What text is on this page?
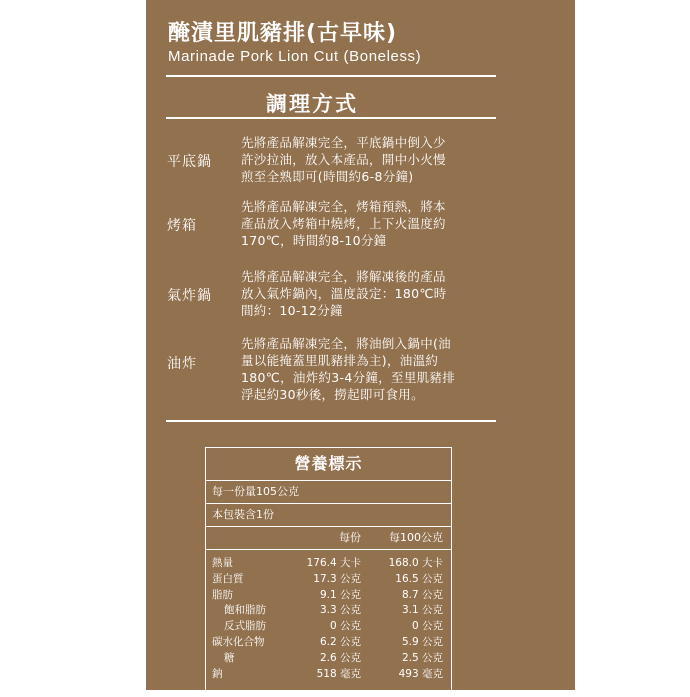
醃漬里肌豬排(古早味)
Marinade Pork Lion Cut (Boneless)
調理方式
平底鍋
先將產品解凍完全，平底鍋中倒入少
許沙拉油，放入本產品，開中小火慢
煎至全熟即可(時間約6-8分鐘)
烤箱
先將產品解凍完全，烤箱預熱，將本
產品放入烤箱中燒烤，上下火溫度約
170℃，時間約8-10分鐘
氣炸鍋
先將產品解凍完全，將解凍後的產品
放入氣炸鍋內，溫度設定：180℃時
間約：10-12分鐘
油炸
先將產品解凍完全，將油倒入鍋中(油
量以能掩蓋里肌豬排為主)，油溫約
180℃，油炸約3-4分鐘，至里肌豬排
浮起約30秒後，撈起即可食用。
營養標示
每一份量105公克
本包裝含1份
每份	每100公克
熱量	176.4 大卡	168.0 大卡
蛋白質	17.3 公克	16.5 公克
脂肪	9.1 公克	8.7 公克
飽和脂肪	3.3 公克	3.1 公克
反式脂肪	0 公克	0 公克
碳水化合物	6.2 公克	5.9 公克
糖	2.6 公克	2.5 公克
鈉	518 毫克	493 毫克
